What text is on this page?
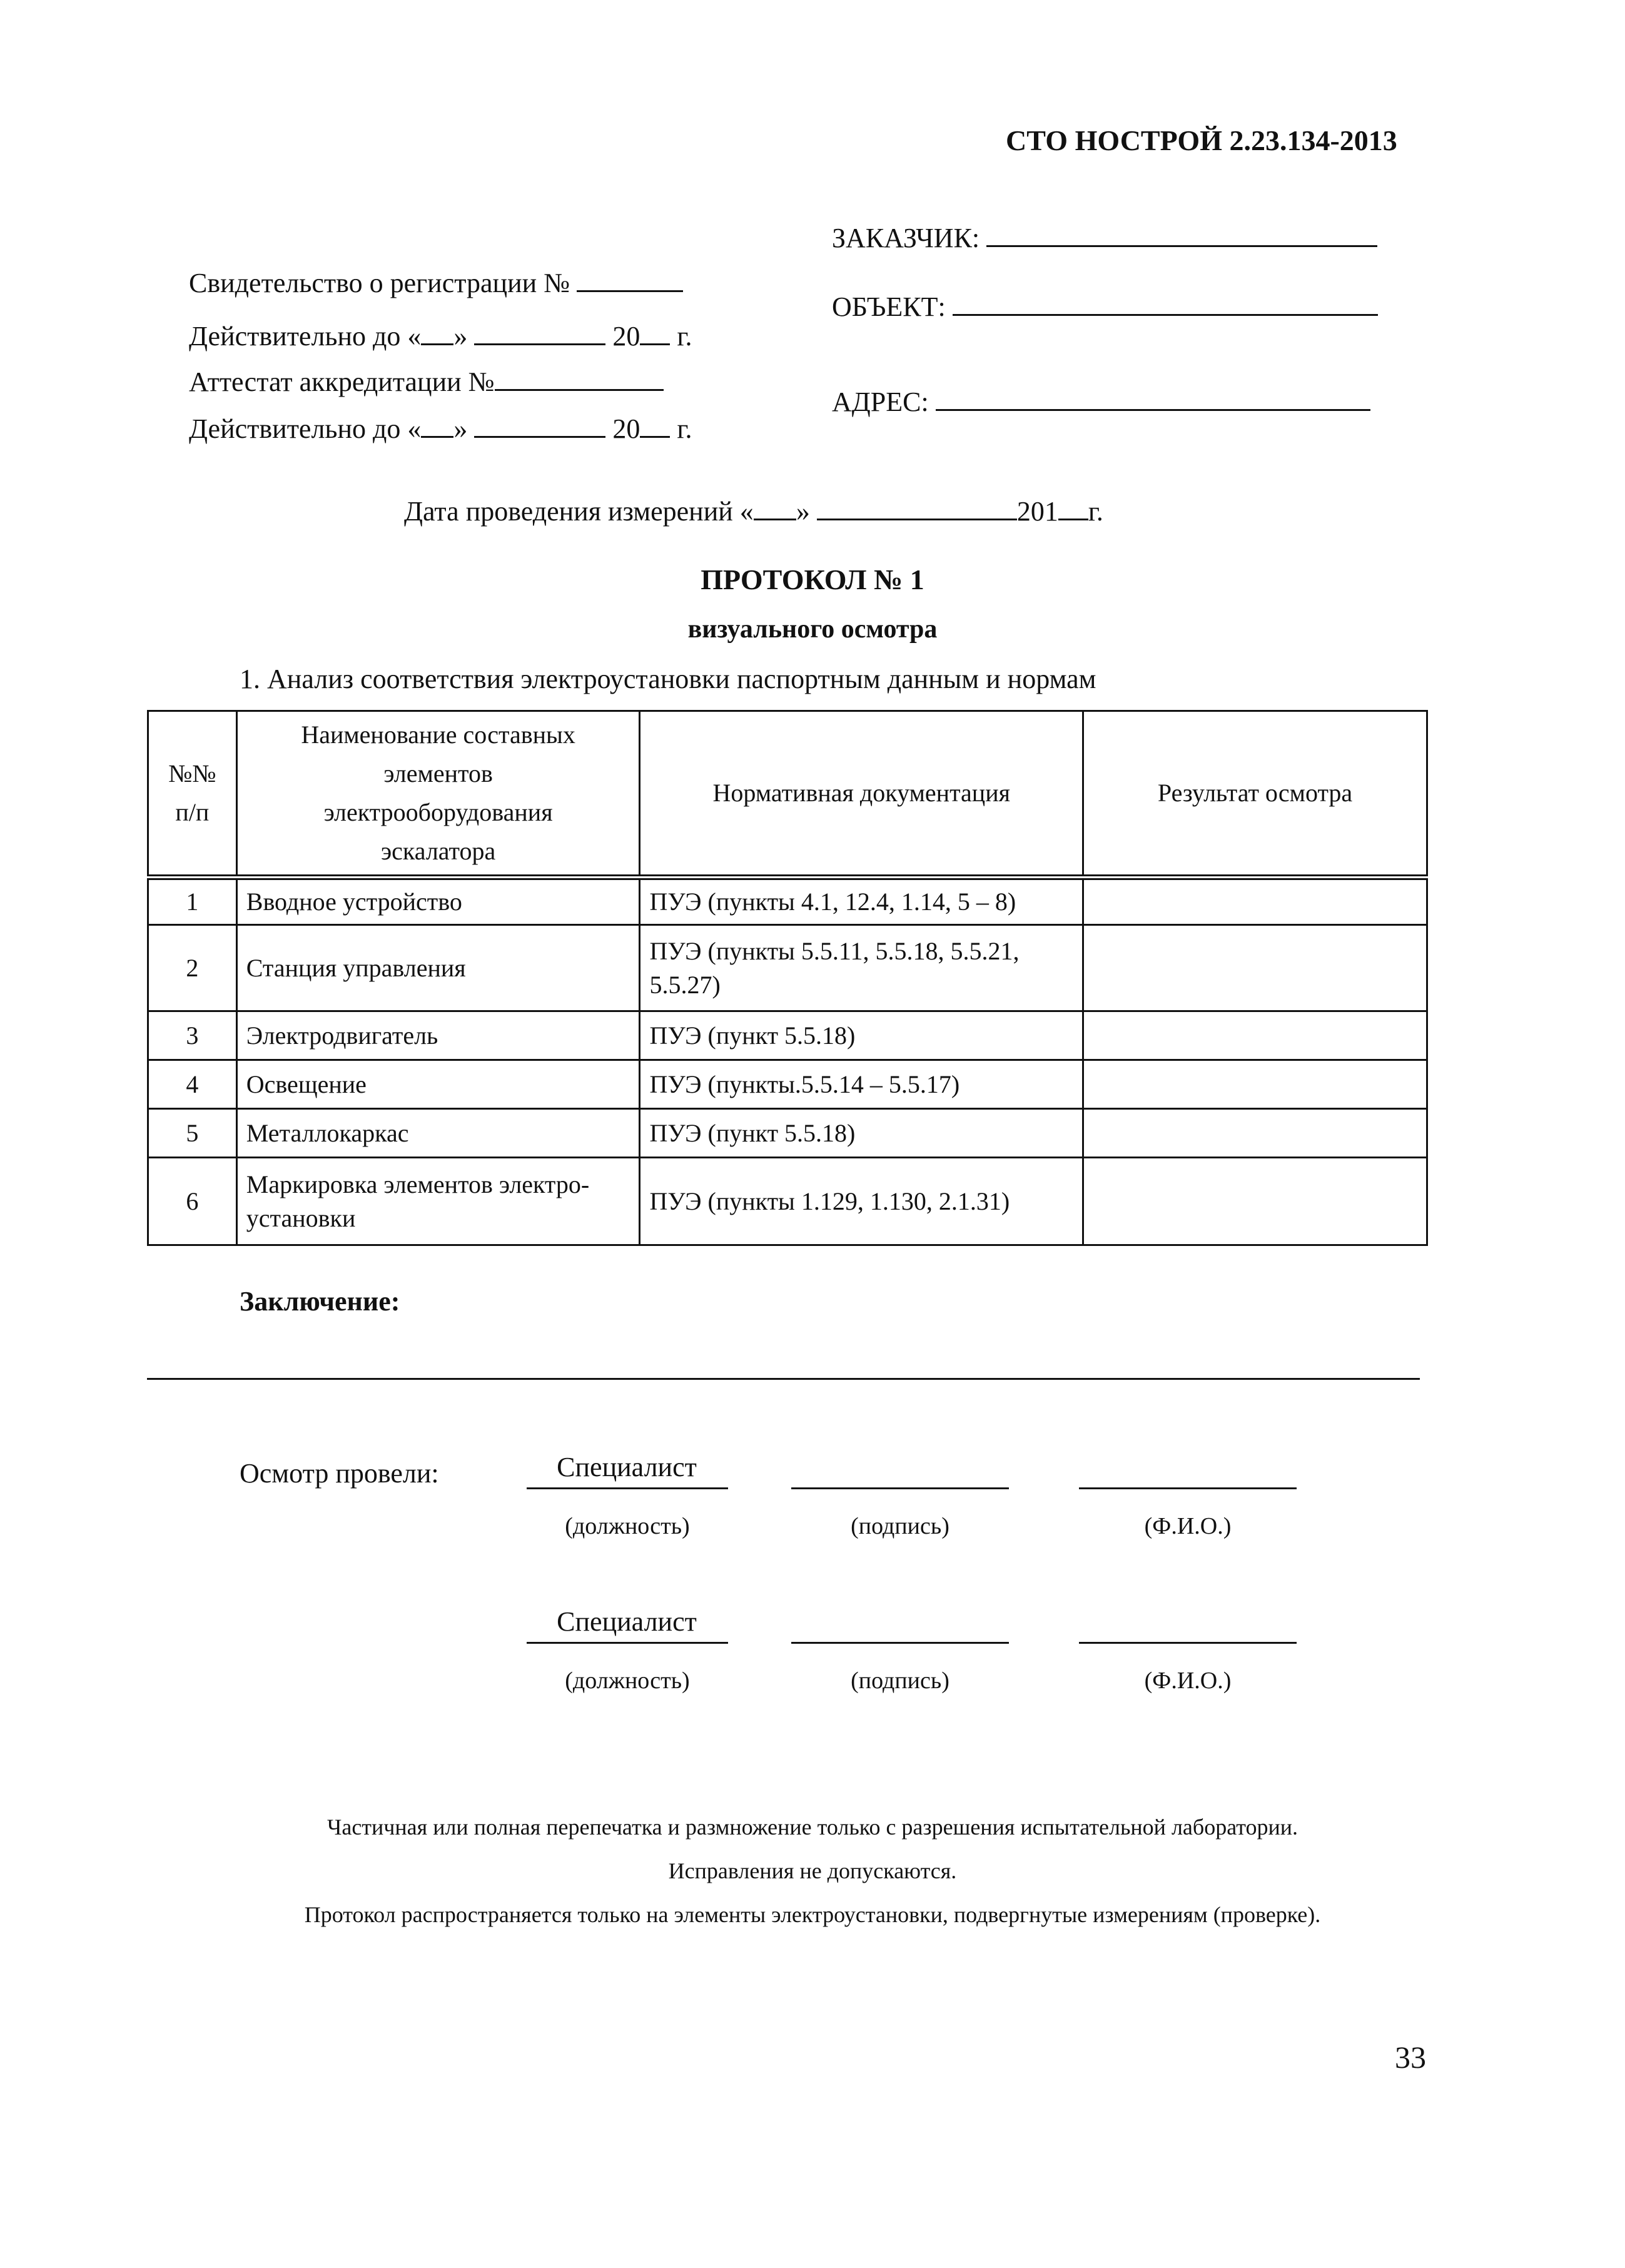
СТО НОСТРОЙ 2.23.134-2013
ЗАКАЗЧИК:
ОБЪЕКТ:
АДРЕС:
Свидетельство о регистрации №
Действительно до « »	20 г.
Аттестат аккредитации №
Действительно до « »	20 г.
Дата проведения измерений « »	201 г.
ПРОТОКОЛ № 1
визуального осмотра
1. Анализ соответствия электроустановки паспортным данным и нормам
№№ п/п	Наименование составных элементов электрооборудования эскалатора	Нормативная документация	Результат осмотра
1	Вводное устройство	ПУЭ (пункты 4.1, 12.4, 1.14, 5 – 8)	
2	Станция управления	ПУЭ (пункты 5.5.11, 5.5.18, 5.5.21, 5.5.27)	
3	Электродвигатель	ПУЭ (пункт 5.5.18)	
4	Освещение	ПУЭ (пункты.5.5.14 – 5.5.17)	
5	Металлокаркас	ПУЭ (пункт 5.5.18)	
6	Маркировка элементов электро-установки	ПУЭ (пункты 1.129, 1.130, 2.1.31)	
Заключение:
Осмотр провели:	Специалист
(должность)	(подпись)	(Ф.И.О.)
Специалист
(должность)	(подпись)	(Ф.И.О.)
Частичная или полная перепечатка и размножение только с разрешения испытательной лаборатории.
Исправления не допускаются.
Протокол распространяется только на элементы электроустановки, подвергнутые измерениям (проверке).
33
